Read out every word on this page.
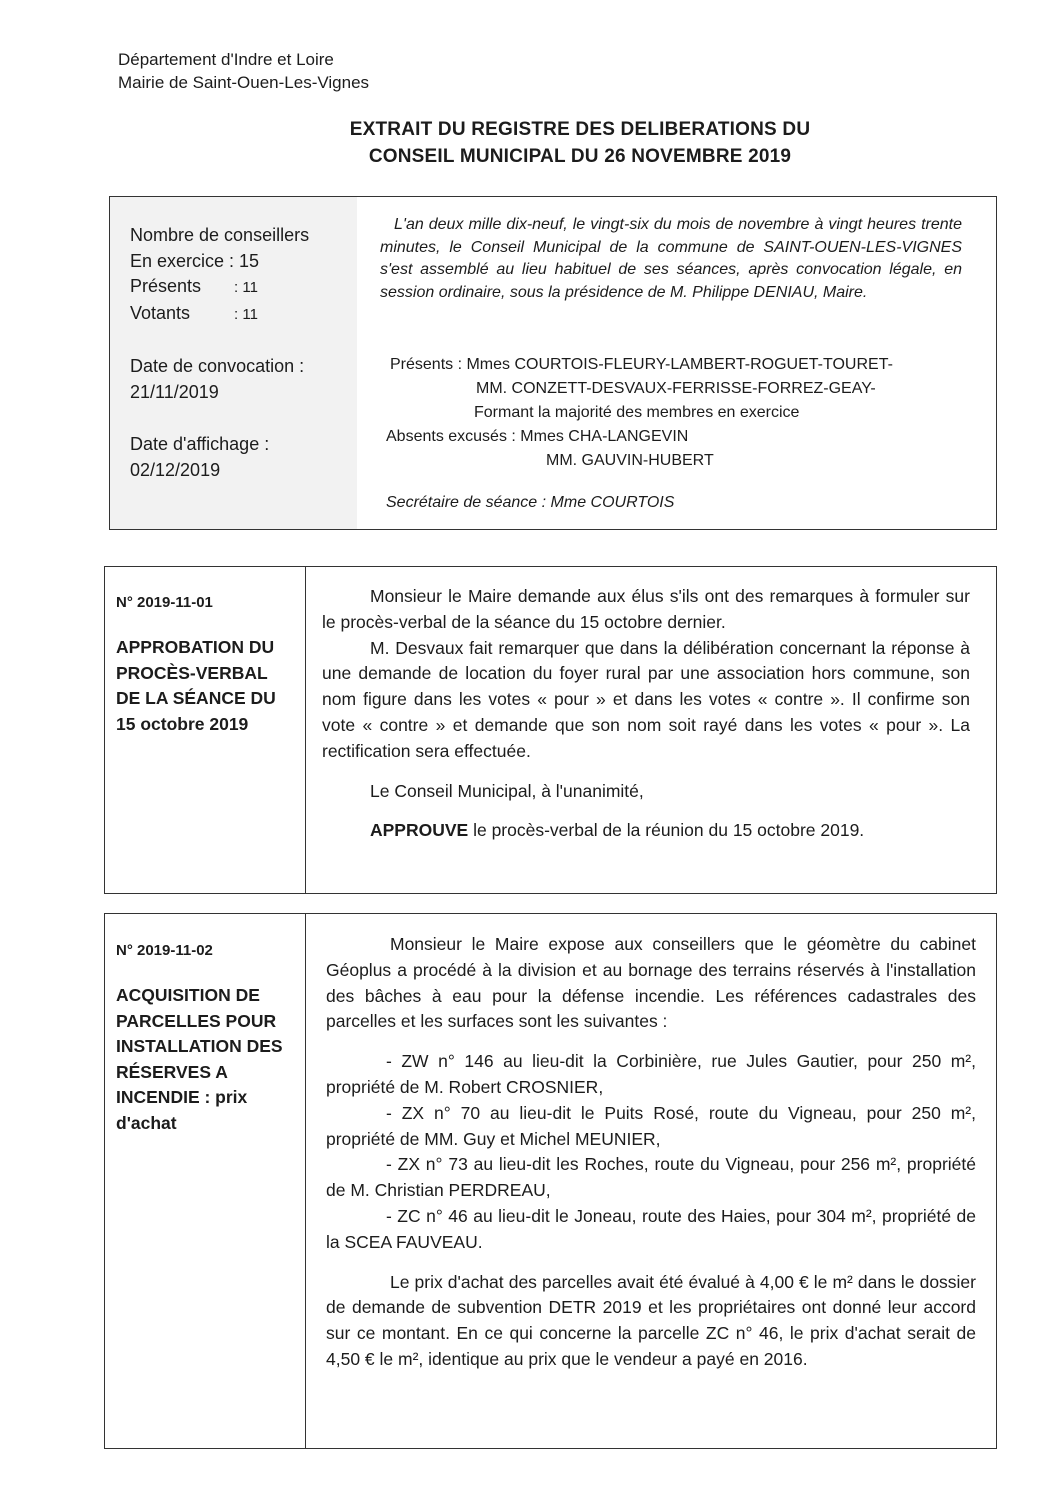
Département d'Indre et Loire
Mairie de Saint-Ouen-Les-Vignes
EXTRAIT DU REGISTRE DES DELIBERATIONS DU
CONSEIL MUNICIPAL DU 26 NOVEMBRE 2019
Nombre de conseillers
En exercice : 15
Présents : 11
Votants	: 11
Date de convocation :
21/11/2019
Date d'affichage :
02/12/2019
L'an deux mille dix-neuf, le vingt-six du mois de novembre à vingt heures trente minutes, le Conseil Municipal de la commune de SAINT-OUEN-LES-VIGNES s'est assemblé au lieu habituel de ses séances, après convocation légale, en session ordinaire, sous la présidence de M. Philippe DENIAU, Maire.
Présents : Mmes COURTOIS-FLEURY-LAMBERT-ROGUET-TOURET-
MM. CONZETT-DESVAUX-FERRISSE-FORREZ-GEAY-
Formant la majorité des membres en exercice
Absents excusés : Mmes CHA-LANGEVIN
MM. GAUVIN-HUBERT
Secrétaire de séance : Mme COURTOIS
N° 2019-11-01
APPROBATION DU
PROCÈS-VERBAL
DE LA SÉANCE DU
15 octobre 2019

Monsieur le Maire demande aux élus s'ils ont des remarques à formuler sur le procès-verbal de la séance du 15 octobre dernier.

M. Desvaux fait remarquer que dans la délibération concernant la réponse à une demande de location du foyer rural par une association hors commune, son nom figure dans les votes « pour » et dans les votes « contre ». Il confirme son vote « contre » et demande que son nom soit rayé dans les votes « pour ». La rectification sera effectuée.

Le Conseil Municipal, à l'unanimité,

APPROUVE le procès-verbal de la réunion du 15 octobre 2019.

N° 2019-11-02
ACQUISITION DE
PARCELLES POUR
INSTALLATION DES
RÉSERVES A
INCENDIE : prix
d'achat

Monsieur le Maire expose aux conseillers que le géomètre du cabinet Géoplus a procédé à la division et au bornage des terrains réservés à l'installation des bâches à eau pour la défense incendie. Les références cadastrales des parcelles et les surfaces sont les suivantes :

- ZW n° 146 au lieu-dit la Corbinière, rue Jules Gautier, pour 250 m², propriété de M. Robert CROSNIER,

- ZX n° 70 au lieu-dit le Puits Rosé, route du Vigneau, pour 250 m², propriété de MM. Guy et Michel MEUNIER,

- ZX n° 73 au lieu-dit les Roches, route du Vigneau, pour 256 m², propriété de M. Christian PERDREAU,

- ZC n° 46 au lieu-dit le Joneau, route des Haies, pour 304 m², propriété de la SCEA FAUVEAU.

Le prix d'achat des parcelles avait été évalué à 4,00 € le m² dans le dossier de demande de subvention DETR 2019 et les propriétaires ont donné leur accord sur ce montant. En ce qui concerne la parcelle ZC n° 46, le prix d'achat serait de 4,50 € le m², identique au prix que le vendeur a payé en 2016.
